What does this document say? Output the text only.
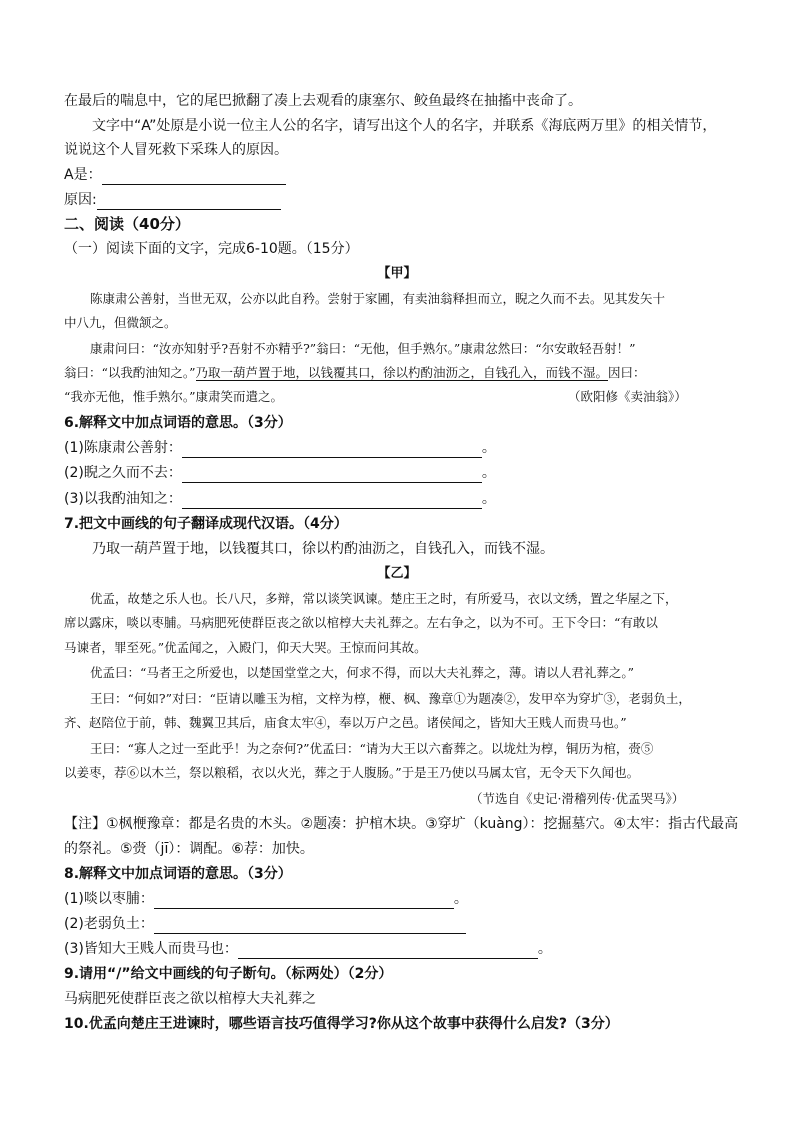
在最后的喘息中，它的尾巴掀翻了凑上去观看的康塞尔、鲛鱼最终在抽搐中丧命了。
文字中“A”处原是小说一位主人公的名字，请写出这个人的名字，并联系《海底两万里》的相关情节，
说说这个人冒死救下采珠人的原因。
A是：
原因:
二、阅读（40分）
（一）阅读下面的文字，完成6-10题。（15分）
【甲】
陈康肃公善射，当世无双，公亦以此自矜。尝射于家圃，有卖油翁释担而立，睨之久而不去。见其发矢十
中八九，但微颔之。
康肃问曰：“汝亦知射乎?吾射不亦精乎?”翁曰：“无他，但手熟尔。”康肃忿然曰：“尔安敢轻吾射！”
翁曰：“以我酌油知之。”乃取一葫芦置于地，以钱覆其口，徐以杓酌油沥之，自钱孔入，而钱不湿。因曰：
“我亦无他，惟手熟尔。”康肃笑而遣之。	（欧阳修《卖油翁》）
6.解释文中加点词语的意思。（3分）
(1)陈康肃公善射：	。
(2)睨之久而不去：	。
(3)以我酌油知之：	。
7.把文中画线的句子翻译成现代汉语。（4分）
乃取一葫芦置于地，以钱覆其口，徐以杓酌油沥之，自钱孔入，而钱不湿。
【乙】
优孟，故楚之乐人也。长八尺，多辩，常以谈笑讽谏。楚庄王之时，有所爱马，衣以文绣，置之华屋之下，
席以露床，啖以枣脯。马病肥死使群臣丧之欲以棺椁大夫礼葬之。左右争之，以为不可。王下令曰：“有敢以
马谏者，罪至死。”优孟闻之，入殿门，仰天大哭。王惊而问其故。
优孟曰：“马者王之所爱也，以楚国堂堂之大，何求不得，而以大夫礼葬之，薄。请以人君礼葬之。”
王曰：“何如?”对曰：“臣请以雕玉为棺，文梓为椁，楩、枫、豫章①为题凑②，发甲卒为穿圹③，老弱负土，
齐、赵陪位于前，韩、魏翼卫其后，庙食太牢④，奉以万户之邑。诸侯闻之，皆知大王贱人而贵马也。”
王曰：“寡人之过一至此乎！为之奈何?”优孟曰：“请为大王以六畜葬之。以垅灶为椁，铜历为棺，赍⑤
以姜枣，荐⑥以木兰，祭以粮稻，衣以火光，葬之于人腹肠。”于是王乃使以马属太官，无令天下久闻也。
（节选自《史记·滑稽列传·优孟哭马》）
【注】①枫楩豫章：都是名贵的木头。②题凑：护棺木块。③穿圹（kuàng）：挖掘墓穴。④太牢：指古代最高
的祭礼。⑤赍（jī）：调配。⑥荐：加快。
8.解释文中加点词语的意思。（3分）
(1)啖以枣脯：	。
(2)老弱负土：
(3)皆知大王贱人而贵马也：	。
9.请用“/”给文中画线的句子断句。（标两处）（2分）
马病肥死使群臣丧之欲以棺椁大夫礼葬之
10.优孟向楚庄王进谏时，哪些语言技巧值得学习?你从这个故事中获得什么启发?（3分）
